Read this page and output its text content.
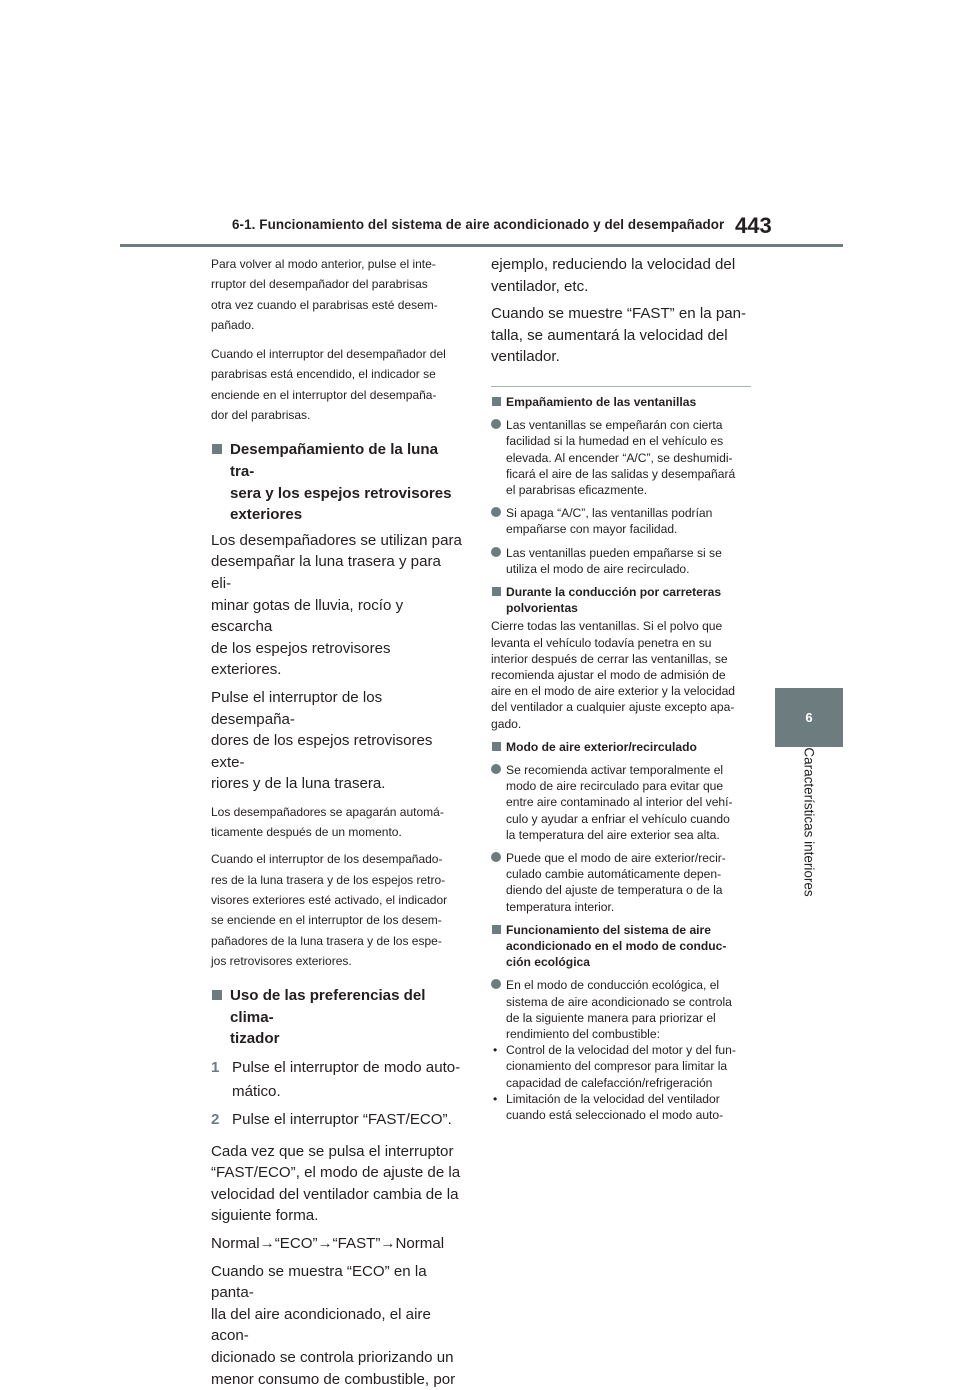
6-1. Funcionamiento del sistema de aire acondicionado y del desempañador 443
6
Características interiores

Para volver al modo anterior, pulse el inte-
rruptor del desempañador del parabrisas
otra vez cuando el parabrisas esté desem-
pañado.

Cuando el interruptor del desempañador del
parabrisas está encendido, el indicador se
enciende en el interruptor del desempaña-
dor del parabrisas.

Desempañamiento de la luna tra-
sera y los espejos retrovisores
exteriores

Los desempañadores se utilizan para
desempañar la luna trasera y para eli-
minar gotas de lluvia, rocío y escarcha
de los espejos retrovisores exteriores.

Pulse el interruptor de los desempaña-
dores de los espejos retrovisores exte-
riores y de la luna trasera.

Los desempañadores se apagarán automá-
ticamente después de un momento.

Cuando el interruptor de los desempañado-
res de la luna trasera y de los espejos retro-
visores exteriores esté activado, el indicador
se enciende en el interruptor de los desem-
pañadores de la luna trasera y de los espe-
jos retrovisores exteriores.

Uso de las preferencias del clima-
tizador
1 Pulse el interruptor de modo auto-
mático.
2 Pulse el interruptor “FAST/ECO”.

Cada vez que se pulsa el interruptor
“FAST/ECO”, el modo de ajuste de la
velocidad del ventilador cambia de la
siguiente forma.

Normal→“ECO”→“FAST”→Normal

Cuando se muestra “ECO” en la panta-
lla del aire acondicionado, el aire acon-
dicionado se controla priorizando un
menor consumo de combustible, por

ejemplo, reduciendo la velocidad del
ventilador, etc.

Cuando se muestre “FAST” en la pan-
talla, se aumentará la velocidad del
ventilador.

Empañamiento de las ventanillas
Las ventanillas se empeñarán con cierta
facilidad si la humedad en el vehículo es
elevada. Al encender “A/C”, se deshumidi-
ficará el aire de las salidas y desempañará
el parabrisas eficazmente.
Si apaga “A/C”, las ventanillas podrían
empañarse con mayor facilidad.
Las ventanillas pueden empañarse si se
utiliza el modo de aire recirculado.
Durante la conducción por carreteras
polvorientas

Cierre todas las ventanillas. Si el polvo que
levanta el vehículo todavía penetra en su
interior después de cerrar las ventanillas, se
recomienda ajustar el modo de admisión de
aire en el modo de aire exterior y la velocidad
del ventilador a cualquier ajuste excepto apa-
gado.

Modo de aire exterior/recirculado
Se recomienda activar temporalmente el
modo de aire recirculado para evitar que
entre aire contaminado al interior del vehí-
culo y ayudar a enfriar el vehículo cuando
la temperatura del aire exterior sea alta.
Puede que el modo de aire exterior/recir-
culado cambie automáticamente depen-
diendo del ajuste de temperatura o de la
temperatura interior.
Funcionamiento del sistema de aire
acondicionado en el modo de conduc-
ción ecológica
En el modo de conducción ecológica, el
sistema de aire acondicionado se controla
de la siguiente manera para priorizar el
rendimiento del combustible:
• Control de la velocidad del motor y del fun-
cionamiento del compresor para limitar la
capacidad de calefacción/refrigeración
• Limitación de la velocidad del ventilador
cuando está seleccionado el modo auto-
